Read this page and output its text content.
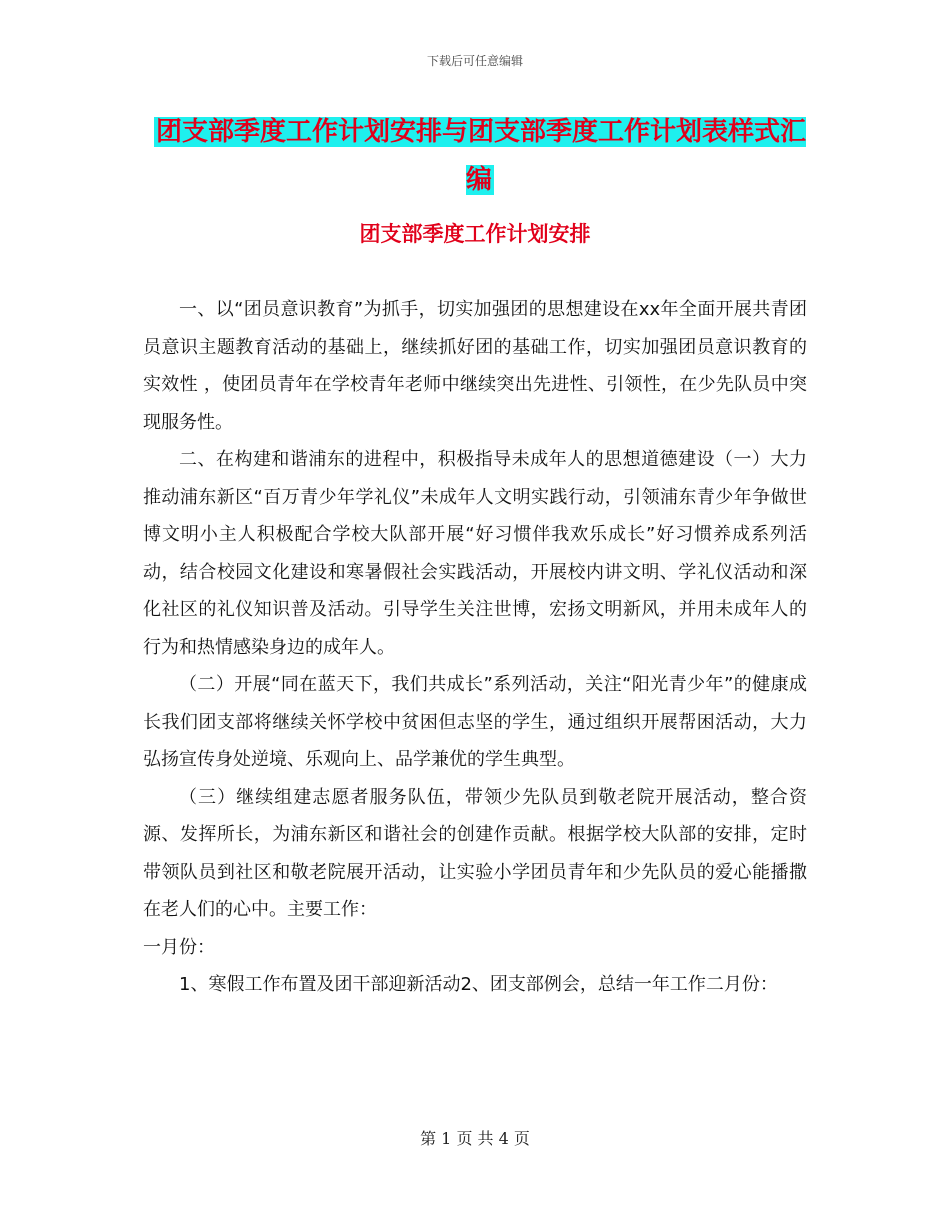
下载后可任意编辑
团支部季度工作计划安排与团支部季度工作计划表样式汇编
团支部季度工作计划安排

一、以“团员意识教育”为抓手，切实加强团的思想建设在xx年全面开展共青团员意识主题教育活动的基础上，继续抓好团的基础工作，切实加强团员意识教育的实效性 ，使团员青年在学校青年老师中继续突出先进性、引领性，在少先队员中突现服务性。

二、在构建和谐浦东的进程中，积极指导未成年人的思想道德建设（一）大力推动浦东新区“百万青少年学礼仪”未成年人文明实践行动，引领浦东青少年争做世博文明小主人积极配合学校大队部开展“好习惯伴我欢乐成长”好习惯养成系列活动，结合校园文化建设和寒暑假社会实践活动，开展校内讲文明、学礼仪活动和深化社区的礼仪知识普及活动。引导学生关注世博，宏扬文明新风，并用未成年人的行为和热情感染身边的成年人。

（二）开展“同在蓝天下，我们共成长”系列活动，关注“阳光青少年”的健康成长我们团支部将继续关怀学校中贫困但志坚的学生，通过组织开展帮困活动，大力弘扬宣传身处逆境、乐观向上、品学兼优的学生典型。

（三）继续组建志愿者服务队伍，带领少先队员到敬老院开展活动，整合资源、发挥所长，为浦东新区和谐社会的创建作贡献。根据学校大队部的安排，定时带领队员到社区和敬老院展开活动，让实验小学团员青年和少先队员的爱心能播撒在老人们的心中。主要工作：

一月份：

1、寒假工作布置及团干部迎新活动2、团支部例会，总结一年工作二月份：

第 1 页 共 4 页
